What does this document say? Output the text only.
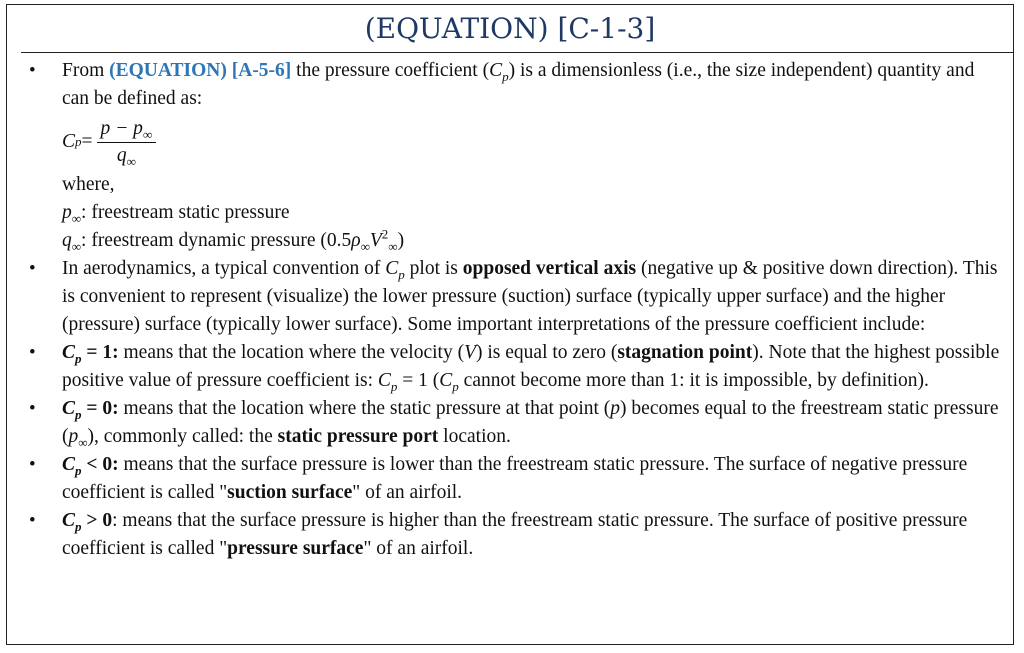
(EQUATION) [C-1-3]
• From (EQUATION) [A-5-6] the pressure coefficient $(C_p)$ is a dimensionless (i.e., the size independent) quantity and can be defined as:
C $p = \frac{p - p_\infty}{q_\infty}$
where,
$p_\infty$: freestream static pressure
$q_\infty$: freestream dynamic pressure $(0.5\rho_\infty V^2_\infty)$
• In aerodynamics, a typical convention of $C_p$ plot is opposed vertical axis (negative up & positive down direction). This is convenient to represent (visualize) the lower pressure (suction) surface (typically upper surface) and the higher (pressure) surface (typically lower surface). Some important interpretations of the pressure coefficient include:
• $C_p = 1$: means that the location where the velocity (V) is equal to zero (stagnation point). Note that the highest possible positive value of pressure coefficient is: $C_p = 1$ ($C_p$ cannot become more than 1: it is impossible, by definition).
• $C_p = 0$: means that the location where the static pressure at that point (p) becomes equal to the freestream static pressure $(p_\infty)$, commonly called: the static pressure port location.
• $C_p < 0$: means that the surface pressure is lower than the freestream static pressure. The surface of negative pressure coefficient is called "suction surface" of an airfoil.
• $C_p > 0$: means that the surface pressure is higher than the freestream static pressure. The surface of positive pressure coefficient is called "pressure surface" of an airfoil.
